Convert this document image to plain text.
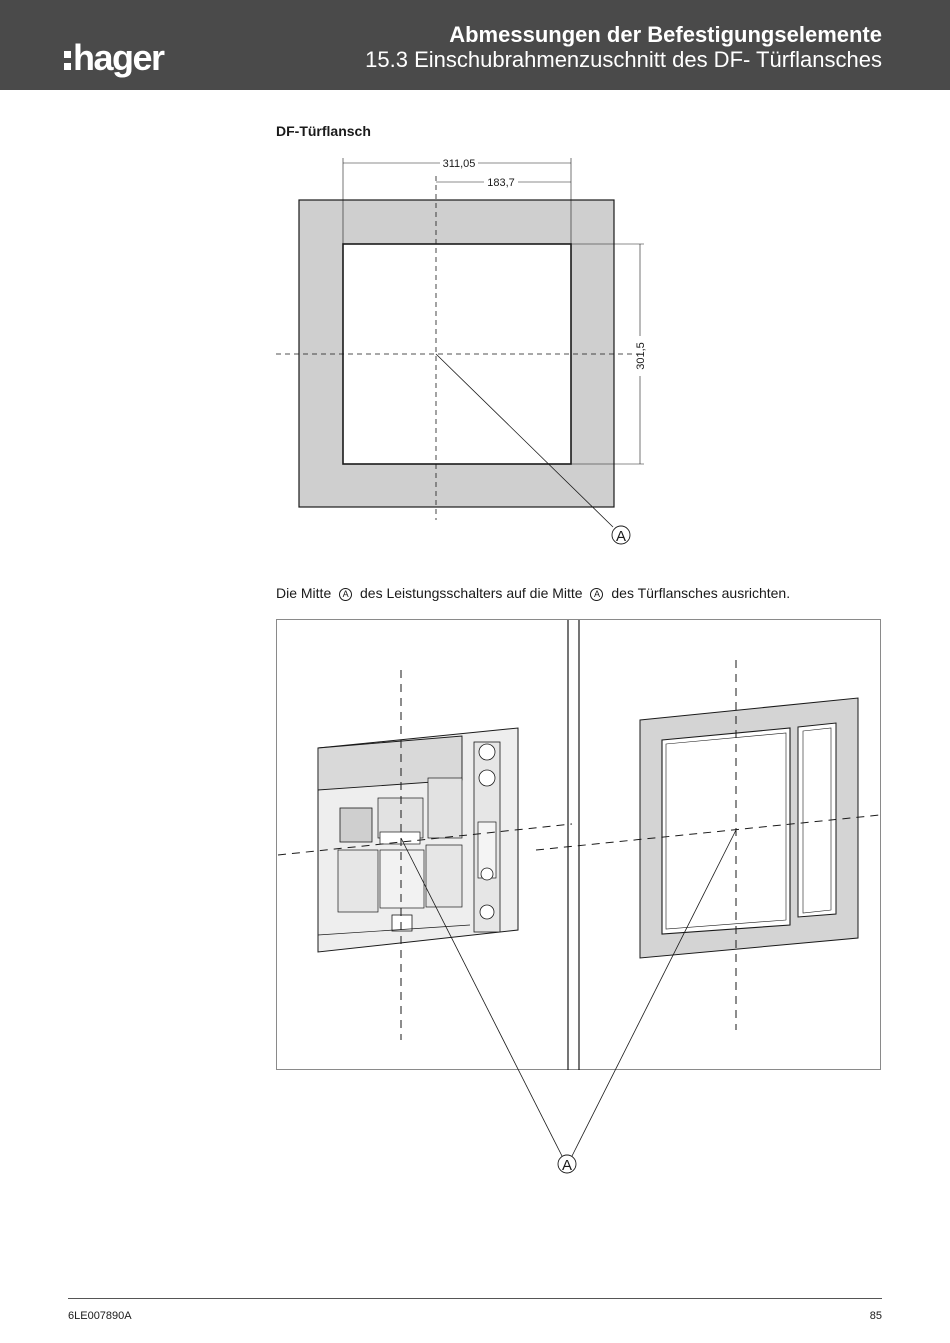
hager
Abmessungen der Befestigungselemente
15.3 Einschubrahmenzuschnitt des DF- Türflansches
DF-Türflansch
311,05
183,7
301,5
A
Die Mitte A des Leistungsschalters auf die Mitte A des Türflansches ausrichten.
A
6LE007890A	85
